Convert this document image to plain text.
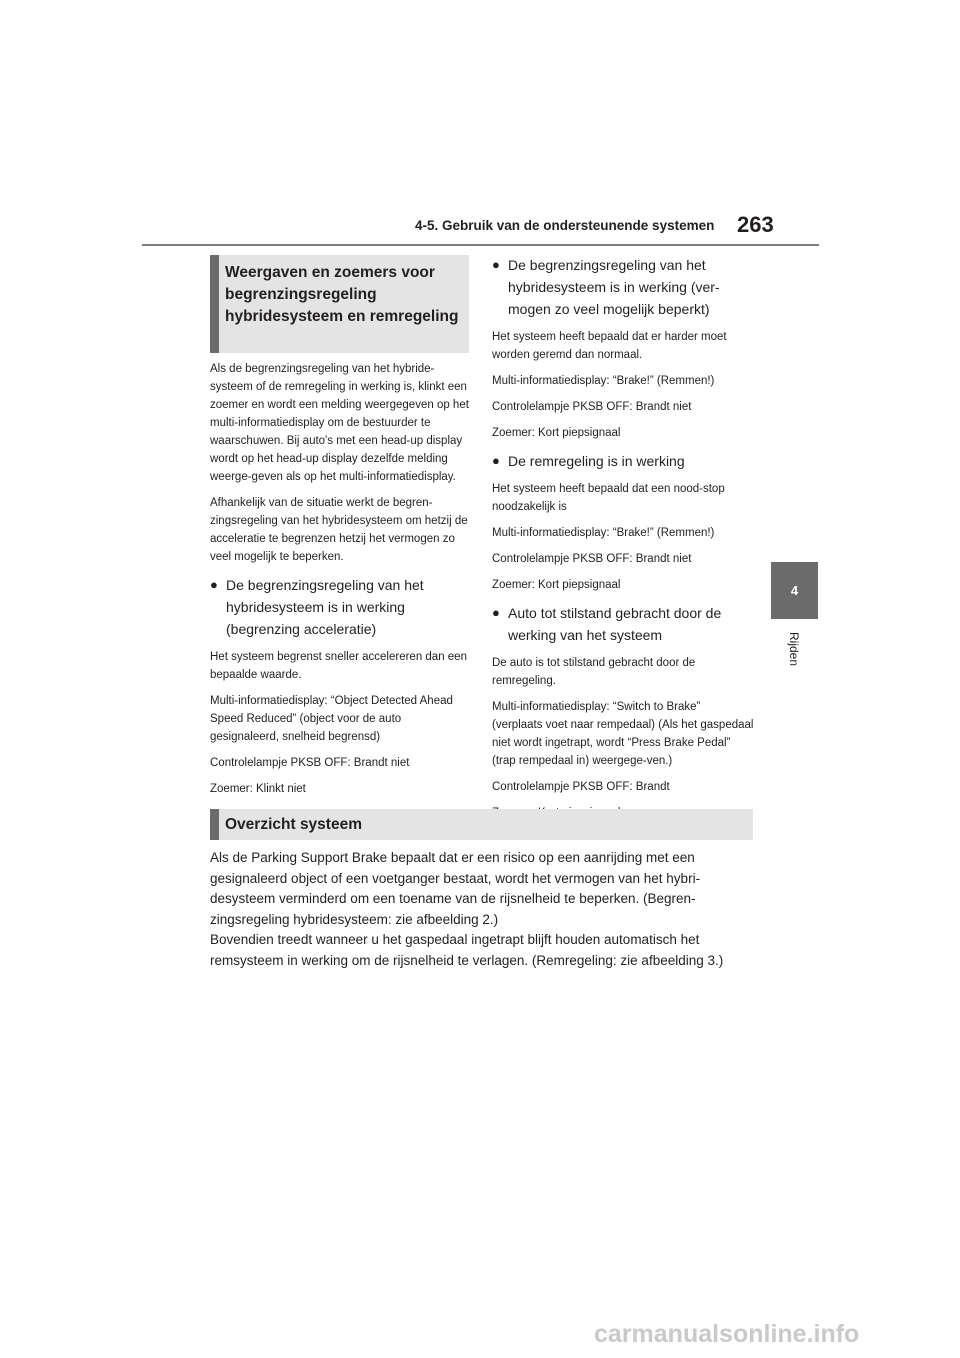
4-5. Gebruik van de ondersteunende systemen 263
4
Rijden
Weergaven en zoemers voor begrenzingsregeling hybridesysteem en remregeling

Als de begrenzingsregeling van het hybride-systeem of de remregeling in werking is, klinkt een zoemer en wordt een melding weergegeven op het multi-informatiedisplay om de bestuurder te waarschuwen. Bij auto's met een head-up display wordt op het head-up display dezelfde melding weerge-geven als op het multi-informatiedisplay.

Afhankelijk van de situatie werkt de begren-zingsregeling van het hybridesysteem om hetzij de acceleratie te begrenzen hetzij het vermogen zo veel mogelijk te beperken.

● De begrenzingsregeling van het hybridesysteem is in werking (begrenzing acceleratie)

Het systeem begrenst sneller accelereren dan een bepaalde waarde.

Multi-informatiedisplay: “Object Detected Ahead Speed Reduced” (object voor de auto gesignaleerd, snelheid begrensd)

Controlelampje PKSB OFF: Brandt niet

Zoemer: Klinkt niet

● De begrenzingsregeling van het hybridesysteem is in werking (ver-mogen zo veel mogelijk beperkt)

Het systeem heeft bepaald dat er harder moet worden geremd dan normaal.

Multi-informatiedisplay: “Brake!” (Remmen!)

Controlelampje PKSB OFF: Brandt niet

Zoemer: Kort piepsignaal

● De remregeling is in werking

Het systeem heeft bepaald dat een nood-stop noodzakelijk is

Multi-informatiedisplay: “Brake!” (Remmen!)

Controlelampje PKSB OFF: Brandt niet

Zoemer: Kort piepsignaal

● Auto tot stilstand gebracht door de werking van het systeem

De auto is tot stilstand gebracht door de remregeling.

Multi-informatiedisplay: “Switch to Brake” (verplaats voet naar rempedaal) (Als het gaspedaal niet wordt ingetrapt, wordt “Press Brake Pedal” (trap rempedaal in) weergege-ven.)

Controlelampje PKSB OFF: Brandt

Overzicht systeem

Als de Parking Support Brake bepaalt dat er een risico op een aanrijding met een gesignaleerd object of een voetganger bestaat, wordt het vermogen van het hybri-desysteem verminderd om een toename van de rijsnelheid te beperken. (Begren-zingsregeling hybridesysteem: zie afbeelding 2.)

Bovendien treedt wanneer u het gaspedaal ingetrapt blijft houden automatisch het remsysteem in werking om de rijsnelheid te verlagen. (Remregeling: zie afbeelding 3.)

carmanualsonline.info
